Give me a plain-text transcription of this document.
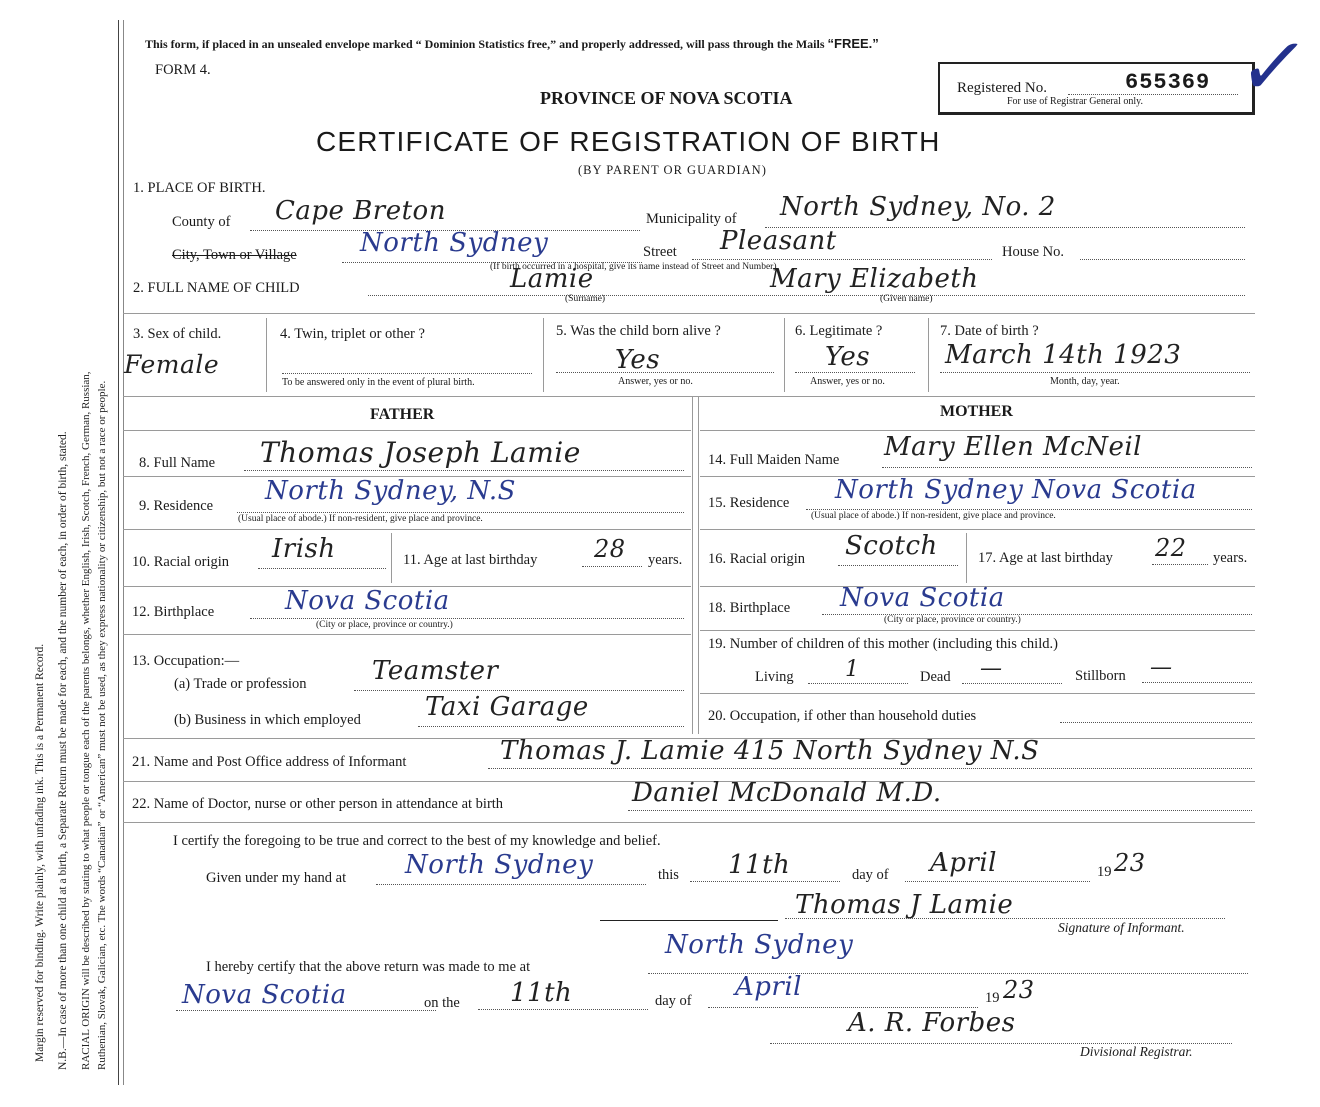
Margin reserved for binding. Write plainly, with unfading ink. This is a Permanent Record. N.B.—In case of more than one child at a birth, a Separate Return must be made for each, and the number of each, in order of birth, stated. RACIAL ORIGIN will be described by stating to what people or tongue each of the parents belongs, whether English, Irish, Scotch, French, German, Russian, Ruthenian, Slovak, Galician, etc. The words “Canadian” or “American” must not be used, as they express nationality or citizenship, but not a race or people.
This form, if placed in an unsealed envelope marked “ Dominion Statistics free,” and properly addressed, will pass through the Mails “FREE.”
FORM 4.
PROVINCE OF NOVA SCOTIA
CERTIFICATE OF REGISTRATION OF BIRTH
(BY PARENT OR GUARDIAN)
Registered No.	655369
For use of Registrar General only. ✓
1. PLACE OF BIRTH.
County of Cape Breton	Municipality of North Sydney, No. 2
City, Town or Village North Sydney	Street Pleasant	House No.
(If birth occurred in a hospital, give its name instead of Street and Number)
2. FULL NAME OF CHILD	Lamie
(Surname)
Mary Elizabeth
(Given name)
3. Sex of child.
Female
4. Twin, triplet or other ?
To be answered only in the event of plural birth.
5. Was the child born alive ?
Yes
Answer, yes or no.
6. Legitimate ?
Yes
Answer, yes or no.
7. Date of birth ?
March 14th 1923
Month, day, year.
FATHER	MOTHER
8. Full Name Thomas Joseph Lamie
9. Residence North Sydney, N.S
(Usual place of abode.) If non-resident, give place and province.
10. Racial origin Irish	11. Age at last birthday 28 years.
12. Birthplace	Nova Scotia
(City or place, province or country.)
13. Occupation:—
(a) Trade or profession	Teamster
(b) Business in which employed Taxi Garage
14. Full Maiden Name Mary Ellen McNeil
15. Residence North Sydney Nova Scotia
(Usual place of abode.) If non-resident, give place and province.
16. Racial origin Scotch	17. Age at last birthday 22 years.
18. Birthplace Nova Scotia
(City or place, province or country.)
19. Number of children of this mother (including this child.)
Living 1	Dead —	Stillborn —
20. Occupation, if other than household duties
21. Name and Post Office address of Informant	Thomas J. Lamie 415 North Sydney N.S
22. Name of Doctor, nurse or other person in attendance at birth	Daniel McDonald M.D.
I certify the foregoing to be true and correct to the best of my knowledge and belief.
Given under my hand at North Sydney	this 11th	day of April	19 23
Thomas J Lamie
Signature of Informant.
I hereby certify that the above return was made to me at
North Sydney
Nova Scotia	on the 11th	day of April	19 23
A. R. Forbes
Divisional Registrar.
